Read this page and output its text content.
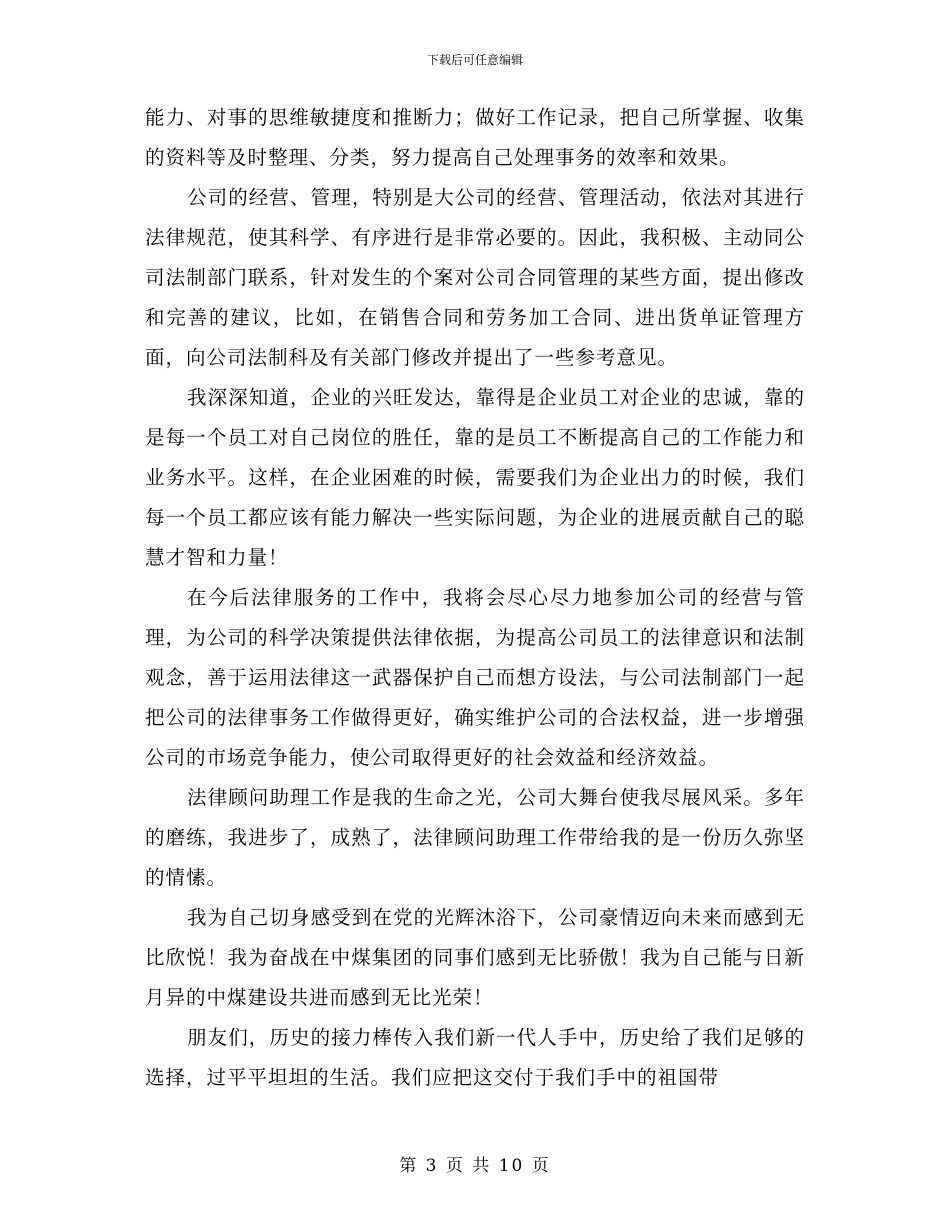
下载后可任意编辑

能力、对事的思维敏捷度和推断力；做好工作记录，把自己所掌握、收集的资料等及时整理、分类，努力提高自己处理事务的效率和效果。

公司的经营、管理，特别是大公司的经营、管理活动，依法对其进行法律规范，使其科学、有序进行是非常必要的。因此，我积极、主动同公司法制部门联系，针对发生的个案对公司合同管理的某些方面，提出修改和完善的建议，比如，在销售合同和劳务加工合同、进出货单证管理方面，向公司法制科及有关部门修改并提出了一些参考意见。

我深深知道，企业的兴旺发达，靠得是企业员工对企业的忠诚，靠的是每一个员工对自己岗位的胜任，靠的是员工不断提高自己的工作能力和业务水平。这样，在企业困难的时候，需要我们为企业出力的时候，我们每一个员工都应该有能力解决一些实际问题，为企业的进展贡献自己的聪慧才智和力量！

在今后法律服务的工作中，我将会尽心尽力地参加公司的经营与管理，为公司的科学决策提供法律依据，为提高公司员工的法律意识和法制观念，善于运用法律这一武器保护自己而想方设法，与公司法制部门一起把公司的法律事务工作做得更好，确实维护公司的合法权益，进一步增强公司的市场竞争能力，使公司取得更好的社会效益和经济效益。

法律顾问助理工作是我的生命之光，公司大舞台使我尽展风采。多年的磨练，我进步了，成熟了，法律顾问助理工作带给我的是一份历久弥坚的情愫。

我为自己切身感受到在党的光辉沐浴下，公司豪情迈向未来而感到无比欣悦！我为奋战在中煤集团的同事们感到无比骄傲！我为自己能与日新月异的中煤建设共进而感到无比光荣！

朋友们，历史的接力棒传入我们新一代人手中，历史给了我们足够的选择，过平平坦坦的生活。我们应把这交付于我们手中的祖国带

第 3 页 共 10 页
